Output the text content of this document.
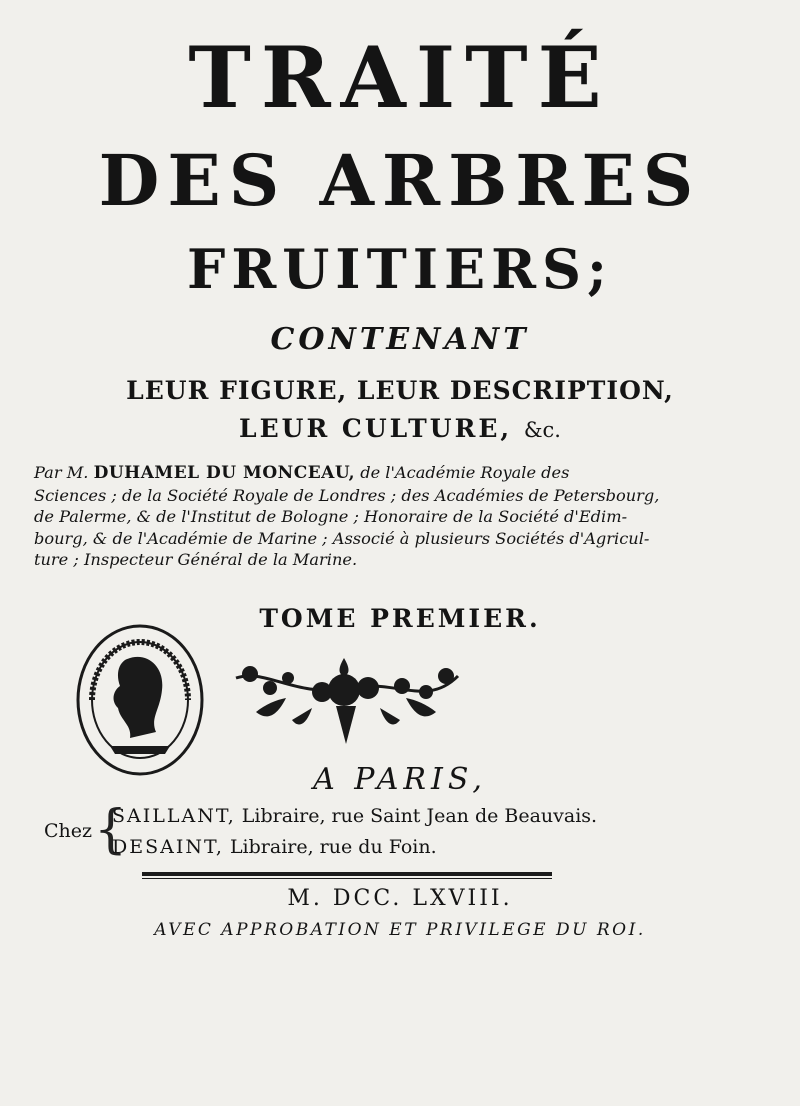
TRAITÉ
DES ARBRES
FRUITIERS;
CONTENANT
LEUR FIGURE, LEUR DESCRIPTION,
LEUR CULTURE, &c.
Par M. DUHAMEL DU MONCEAU, de l'Académie Royale des
Sciences ; de la Société Royale de Londres ; des Académies de Petersbourg,
de Palerme, & de l'Institut de Bologne ; Honoraire de la Société d'Edim-
bourg, & de l'Académie de Marine ; Associé à plusieurs Sociétés d'Agricul-
ture ; Inspecteur Général de la Marine.
TOME PREMIER.
A PARIS,
Chez {
SAILLANT, Libraire, rue Saint Jean de Beauvais.
DESAINT, Libraire, rue du Foin.
M. DCC. LXVIII.
AVEC APPROBATION ET PRIVILEGE DU ROI.
